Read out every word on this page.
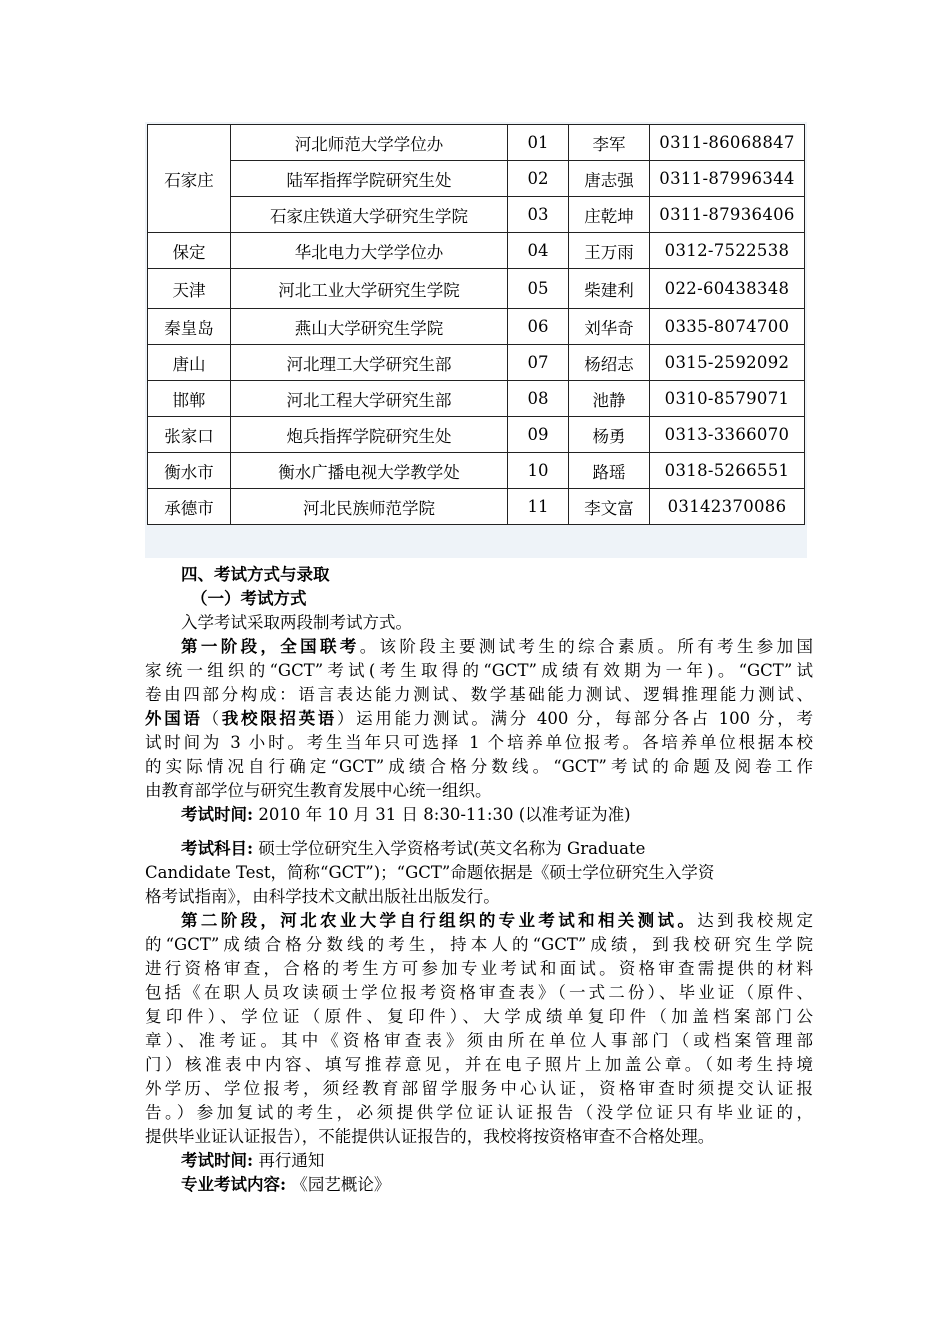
石家庄	河北师范大学学位办	01	李军	0311-86068847
	陆军指挥学院研究生处	02	唐志强	0311-87996344
	石家庄铁道大学研究生学院	03	庄乾坤	0311-87936406
保定	华北电力大学学位办	04	王万雨	0312-7522538
天津	河北工业大学研究生学院	05	柴建利	022-60438348
秦皇岛	燕山大学研究生学院	06	刘华奇	0335-8074700
唐山	河北理工大学研究生部	07	杨绍志	0315-2592092
邯郸	河北工程大学研究生部	08	池静	0310-8579071
张家口	炮兵指挥学院研究生处	09	杨勇	0313-3366070
衡水市	衡水广播电视大学教学处	10	路瑶	0318-5266551
承德市	河北民族师范学院	11	李文富	03142370086
四、考试方式与录取
（一）考试方式
入学考试采取两段制考试方式。
第一阶段，全国联考。该阶段主要测试考生的综合素质。所有考生参加国
家统一组织的“GCT”考试(考生取得的“GCT”成绩有效期为一年)。“GCT”试
卷由四部分构成：语言表达能力测试、数学基础能力测试、逻辑推理能力测试、
外国语（我校限招英语）运用能力测试。满分 400 分，每部分各占 100 分，考
试时间为 3 小时。考生当年只可选择 1 个培养单位报考。各培养单位根据本校
的实际情况自行确定“GCT”成绩合格分数线。“GCT”考试的命题及阅卷工作
由教育部学位与研究生教育发展中心统一组织。
考试时间: 2010 年 10 月 31 日 8:30-11:30 (以准考证为准)
考试科目: 硕士学位研究生入学资格考试(英文名称为 Graduate
Candidate Test，简称“GCT”)；“GCT”命题依据是《硕士学位研究生入学资
格考试指南》，由科学技术文献出版社出版发行。
第二阶段，河北农业大学自行组织的专业考试和相关测试。达到我校规定
的“GCT”成绩合格分数线的考生，持本人的“GCT”成绩，到我校研究生学院
进行资格审查，合格的考生方可参加专业考试和面试。资格审查需提供的材料
包括《在职人员攻读硕士学位报考资格审查表》（一式二份）、毕业证（原件、
复印件）、学位证（原件、复印件）、大学成绩单复印件（加盖档案部门公
章）、准考证。其中《资格审查表》须由所在单位人事部门（或档案管理部
门）核准表中内容、填写推荐意见，并在电子照片上加盖公章。（如考生持境
外学历、学位报考，须经教育部留学服务中心认证，资格审查时须提交认证报
告。）参加复试的考生，必须提供学位证认证报告（没学位证只有毕业证的，
提供毕业证认证报告），不能提供认证报告的，我校将按资格审查不合格处理。
考试时间: 再行通知
专业考试内容: 《园艺概论》
